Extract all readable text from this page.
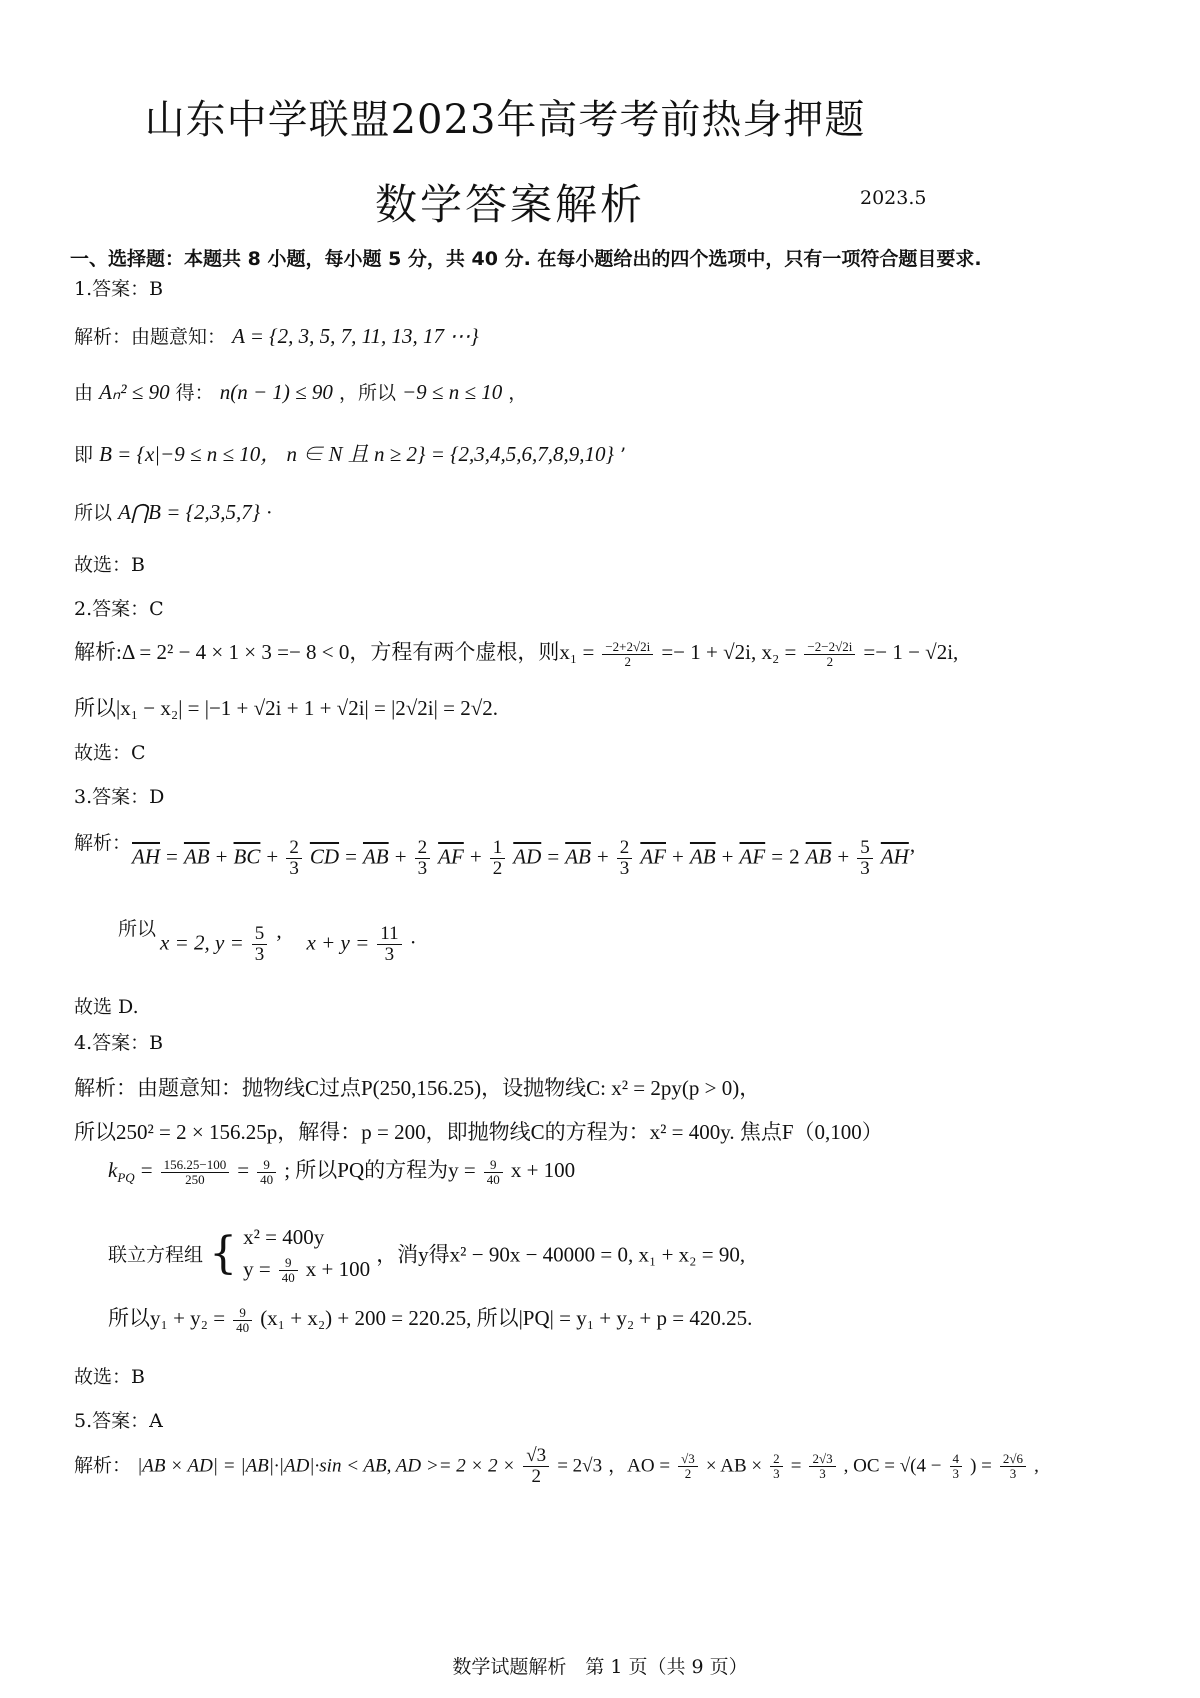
山东中学联盟2023年高考考前热身押题
数学答案解析	2023.5
一、选择题：本题共 8 小题，每小题 5 分，共 40 分. 在每小题给出的四个选项中，只有一项符合题目要求.
1.答案：B
解析：由题意知： A = {2, 3, 5, 7, 11, 13, 17 ⋯}
由 Aₙ² ≤ 90 得： n(n − 1) ≤ 90 ，所以 −9 ≤ n ≤ 10 ，
即 B = {x|−9 ≤ n ≤ 10， n ∈ N 且 n ≥ 2} = {2,3,4,5,6,7,8,9,10} ’
所以 A⋂B = {2,3,5,7} ·
故选：B
2.答案：C
解析:Δ = 2² − 4 × 1 × 3 =− 8 < 0，方程有两个虚根，则$x_1 = \frac{-2+2√2i}{2} =- 1 + √2i$, $x_2 = \frac{-2-2√2i}{2} =- 1 - √2i$,
所以|x₁ − x₂| = |−1 + √2i + 1 + √2i| = |2√2i| = 2√2.
故选：C
3.答案：D
解析：
$\overline{AH} = \overline{AB} + \overline{BC} + \frac{2}{3} \overline{CD} = \overline{AB} + \frac{2}{3} \overline{AF} + \frac{1}{2} \overline{AD} = \overline{AB} + \frac{2}{3} \overline{AF} + \overline{AB} + \overline{AF} = 2$ $\overline{AB} + \frac{5}{3} \overline{AH}$’
所以
x = 2, $y = \frac{5}{3}$ ’ $x + y = \frac{11}{3}$ ·
故选 D.
4.答案：B
解析：由题意知：抛物线C过点P(250,156.25)，设抛物线C: x² = 2py(p > 0)，
所以250² = 2 × 156.25p，解得：p = 200，即抛物线C的方程为：x² = 400y. 焦点F（0,100）
$k_{PQ} = \frac{156.25-100}{250} = \frac{9}{40}$ ; 所以PQ的方程为$y = \frac{9}{40}$ x + 100
联立方程组 { x² = 400y
$y = \frac{9}{40}$ x + 100
，消y得x² − 90x − 40000 = 0, x₁ + x₂ = 90,
所以$y_1 + y_2 = \frac{9}{40} (x_1 + x_2) + 200 = 220.25$, 所以|PQ| = y₁ + y₂ + p = 420.25.
故选：B
5.答案：A
解析： |AB × AD| = |AB|·|AD|·sin < AB, AD >= $2 \times 2 \times \frac{√3}{2} = 2√3$ ，AO = $\frac{√3}{2}$ × AB × $\frac{2}{3} = \frac{2√3}{3}$ , OC = $√(4 - \frac{4}{3}$ ) = $\frac{2√6}{3}$ ,
数学试题解析　第 1 页（共 9 页）
